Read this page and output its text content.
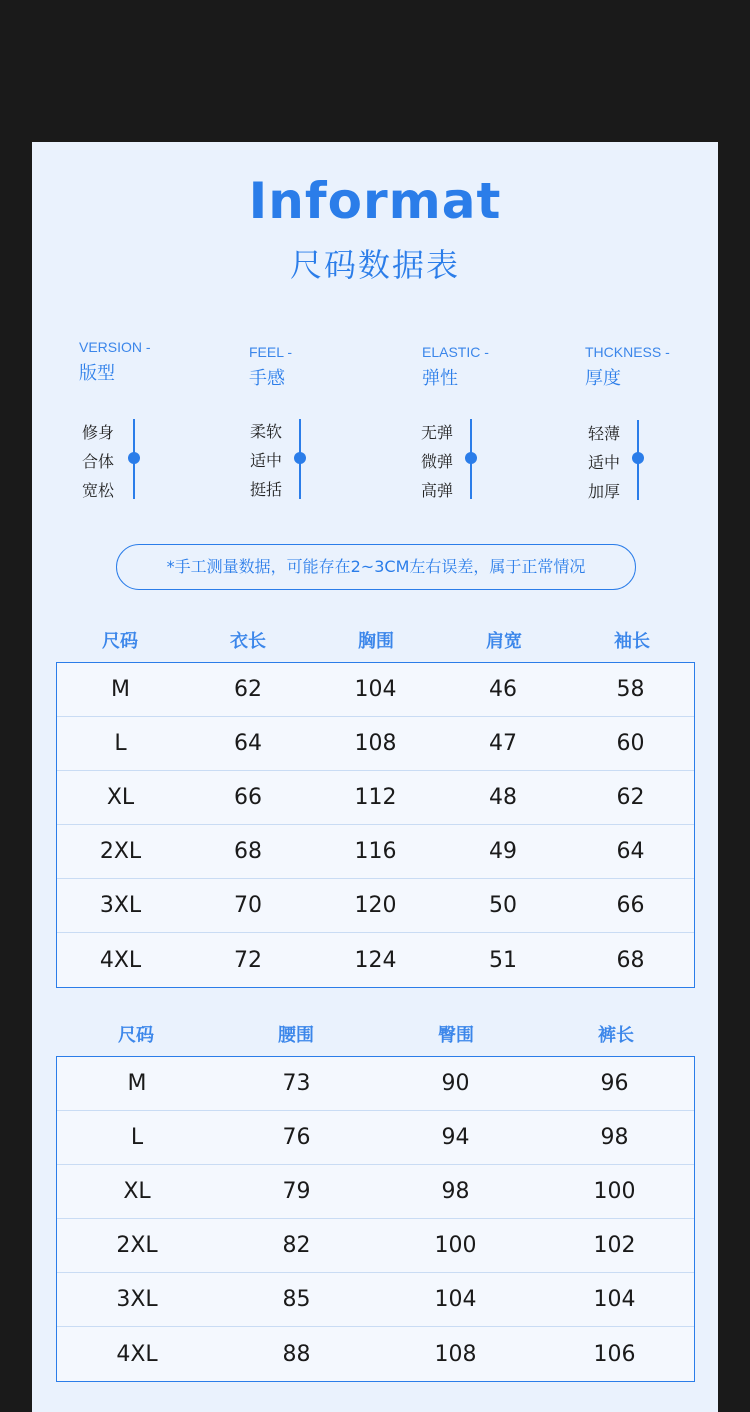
Informat
尺码数据表
VERSION -
版型
FEEL -
手感
ELASTIC -
弹性
THCKNESS -
厚度
修身
合体
宽松
柔软
适中
挺括
无弹
微弹
高弹
轻薄
适中
加厚
*手工测量数据，可能存在2~3CM左右误差，属于正常情况
尺码	衣长	胸围	肩宽	袖长
M	62	104	46	58
L	64	108	47	60
XL	66	112	48	62
2XL	68	116	49	64
3XL	70	120	50	66
4XL	72	124	51	68
尺码	腰围	臀围	裤长
M	73	90	96
L	76	94	98
XL	79	98	100
2XL	82	100	102
3XL	85	104	104
4XL	88	108	106
